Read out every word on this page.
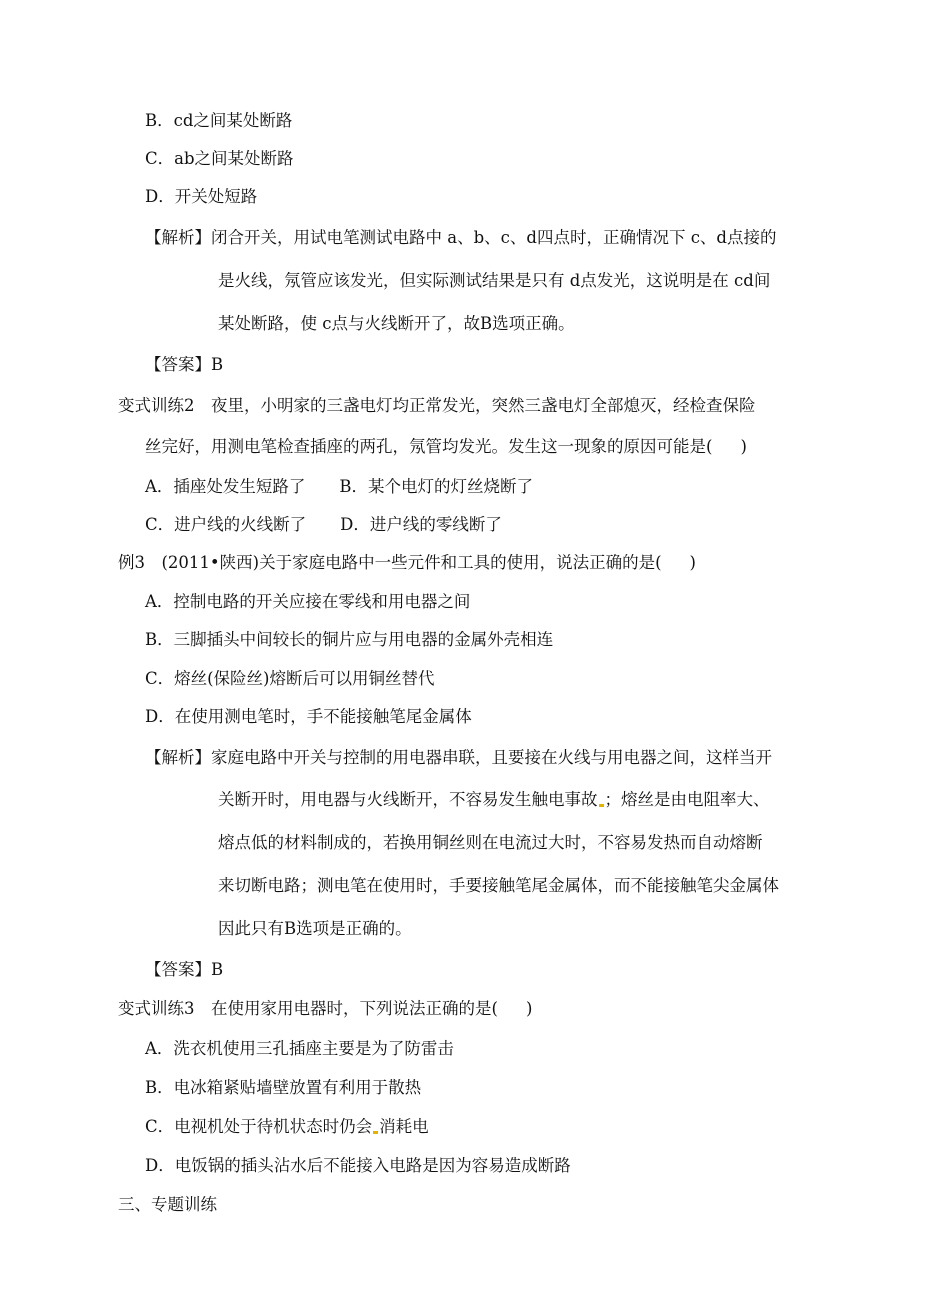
B．cd之间某处断路
C．ab之间某处断路
D．开关处短路
【解析】闭合开关，用试电笔测试电路中 a、b、c、d四点时，正确情况下 c、d点接的
是火线，氖管应该发光，但实际测试结果是只有 d点发光，这说明是在 cd间
某处断路，使 c点与火线断开了，故B选项正确。
【答案】B
变式训练2　夜里，小明家的三盏电灯均正常发光，突然三盏电灯全部熄灭，经检查保险
丝完好，用测电笔检查插座的两孔，氖管均发光。发生这一现象的原因可能是( )
A．插座处发生短路了 B．某个电灯的灯丝烧断了
C．进户线的火线断了 D．进户线的零线断了
例3　(2011•陕西)关于家庭电路中一些元件和工具的使用，说法正确的是( )
A．控制电路的开关应接在零线和用电器之间
B．三脚插头中间较长的铜片应与用电器的金属外壳相连
C．熔丝(保险丝)熔断后可以用铜丝替代
D．在使用测电笔时，手不能接触笔尾金属体
【解析】家庭电路中开关与控制的用电器串联，且要接在火线与用电器之间，这样当开
关断开时，用电器与火线断开，不容易发生触电事故 ；熔丝是由电阻率大、
熔点低的材料制成的，若换用铜丝则在电流过大时，不容易发热而自动熔断
来切断电路；测电笔在使用时，手要接触笔尾金属体，而不能接触笔尖金属体
因此只有B选项是正确的。
【答案】B
变式训练3　在使用家用电器时，下列说法正确的是( )
A．洗衣机使用三孔插座主要是为了防雷击
B．电冰箱紧贴墙壁放置有利用于散热
C．电视机处于待机状态时仍会 消耗电
D．电饭锅的插头沾水后不能接入电路是因为容易造成断路
三、专题训练
